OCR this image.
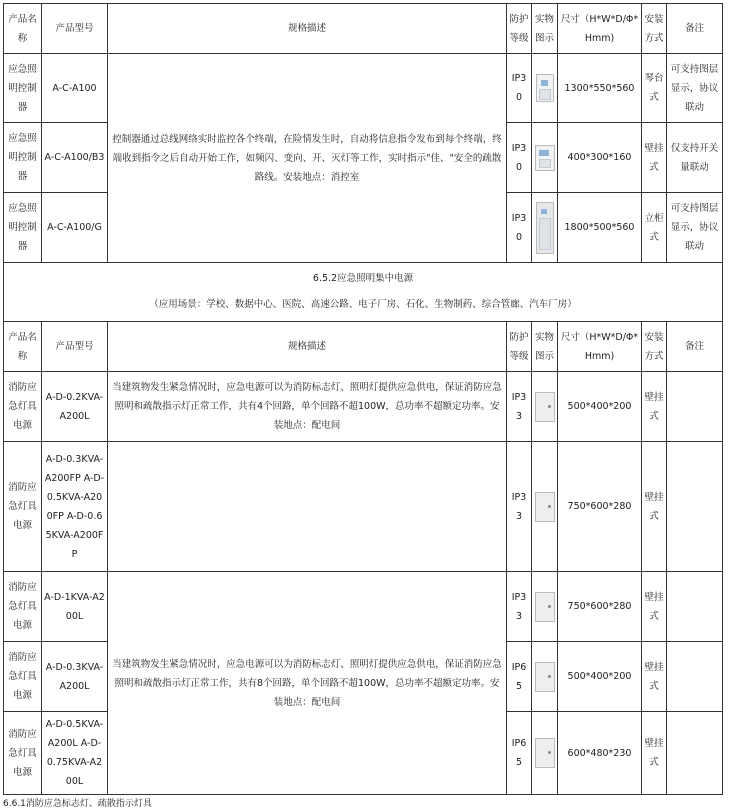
产品名称	产品型号	规格描述	防护等级	实物图示	尺寸（H*W*D/Φ*Hmm)	安装方式	备注
应急照明控制器	A-C-A100	控制器通过总线网络实时监控各个终端，在险情发生时，自动将信息指令发布到每个终端，终端收到指令之后自动开始工作，如频闪、变向、开、灭灯等工作，实时指示"佳、"安全的疏散路线。安装地点：消控室	IP30		1300*550*560	琴台式	可支持图层显示，协议联动
应急照明控制器	A-C-A100/B3		IP30		400*300*160	壁挂式	仅支持开关量联动
应急照明控制器	A-C-A100/G		IP30		1800*500*560	立柜式	可支持图层显示，协议联动

6.5.2应急照明集中电源
（应用场景：学校、数据中心、医院、高速公路、电子厂房、石化、生物制药、综合管廊、汽车厂房）							

产品名称	产品型号	规格描述	防护等级	实物图示	尺寸（H*W*D/Φ*Hmm)	安装方式	备注
消防应急灯具电源	A-D-0.2KVA-A200L	当建筑物发生紧急情况时，应急电源可以为消防标志灯、照明灯提供应急供电，保证消防应急照明和疏散指示灯正常工作，共有4个回路，单个回路不超100W，总功率不超额定功率。安装地点：配电间	IP33		500*400*200	壁挂式	
消防应急灯具电源	A-D-0.3KVA-A200FP A-D-0.5KVA-A200FP A-D-0.65KVA-A200FP		IP33		750*600*280	壁挂式	
消防应急灯具电源	A-D-1KVA-A200L	当建筑物发生紧急情况时，应急电源可以为消防标志灯、照明灯提供应急供电，保证消防应急照明和疏散指示灯正常工作，共有8个回路，单个回路不超100W，总功率不超额定功率。安装地点：配电间	IP33		750*600*280	壁挂式	
消防应急灯具电源	A-D-0.3KVA-A200L		IP65		500*400*200	壁挂式	
消防应急灯具电源	A-D-0.5KVA-A200L A-D-0.75KVA-A200L		IP65		600*480*230	壁挂式	
6.6.1消防应急标志灯、疏散指示灯具
